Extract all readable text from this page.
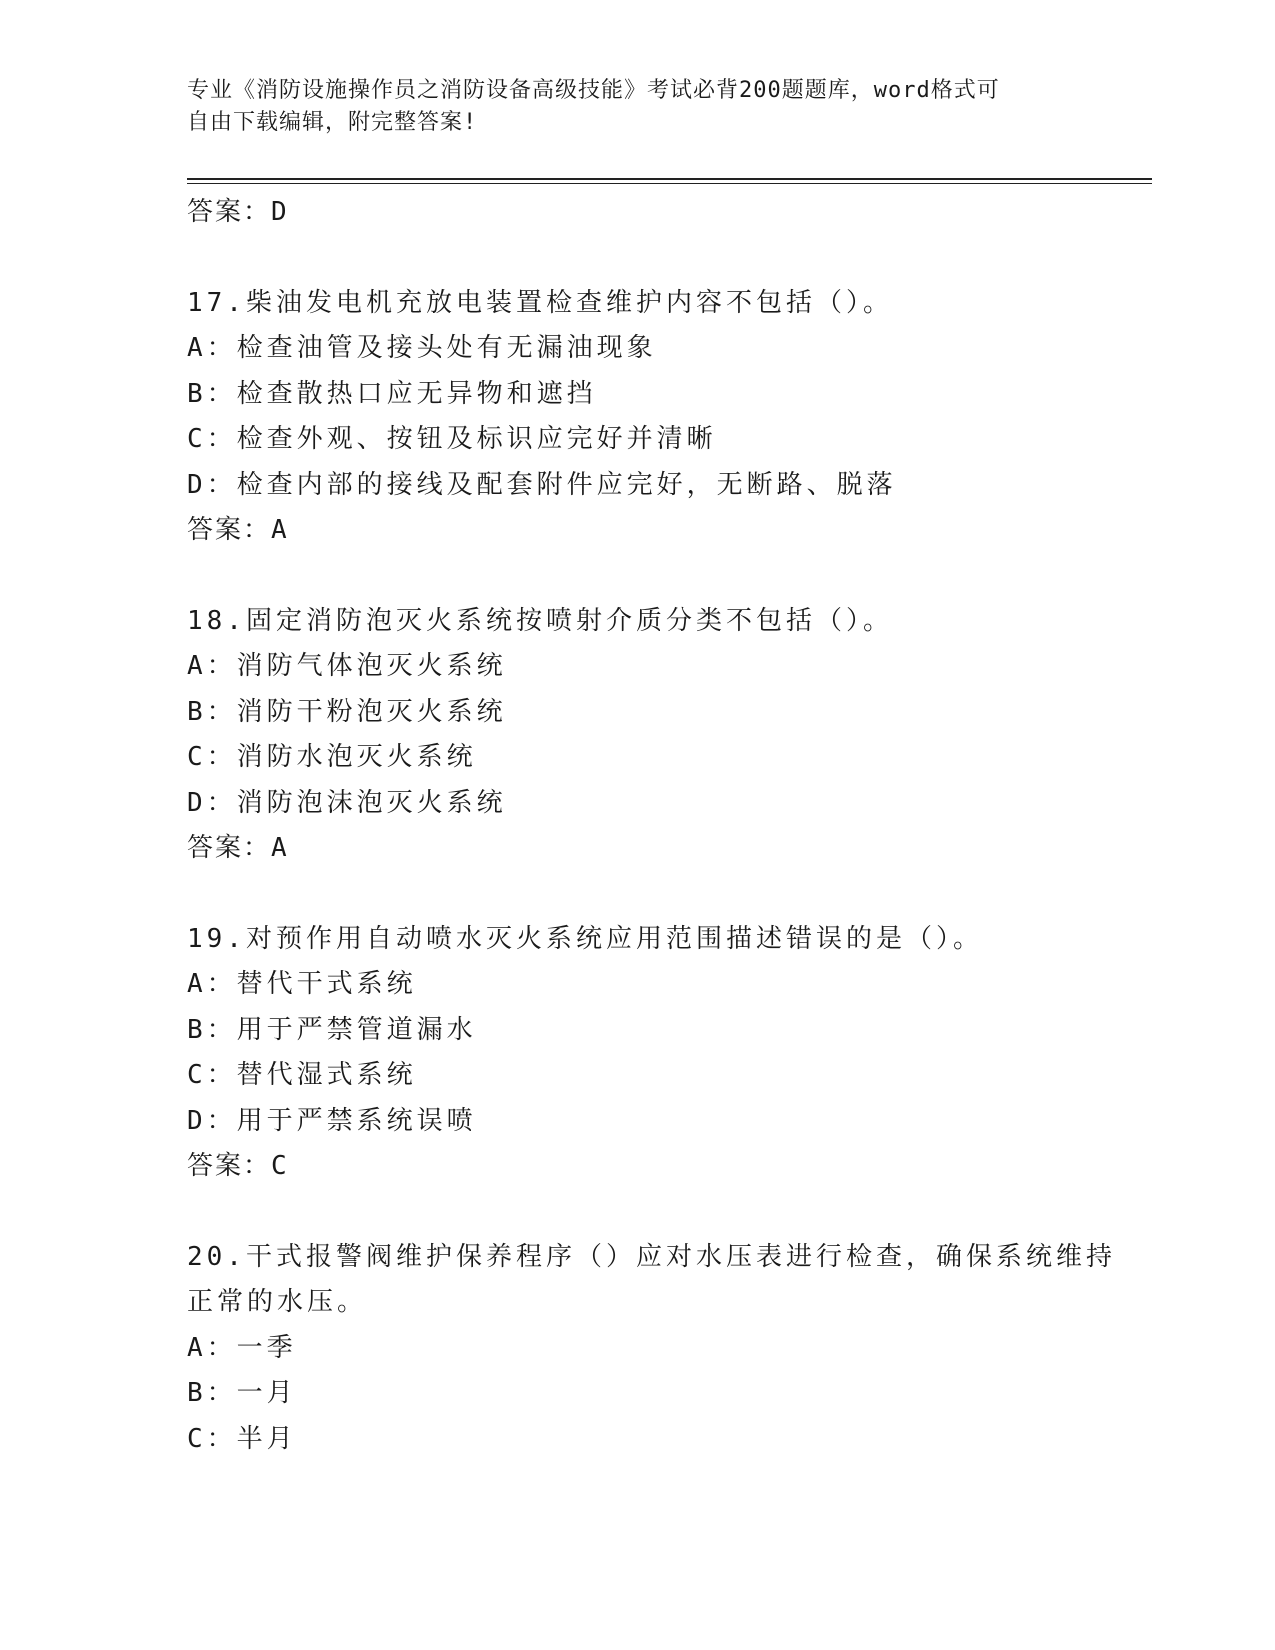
专业《消防设施操作员之消防设备高级技能》考试必背200题题库，word格式可
自由下载编辑，附完整答案!
答案：D
17.柴油发电机充放电装置检查维护内容不包括（）。
A：检查油管及接头处有无漏油现象
B：检查散热口应无异物和遮挡
C：检查外观、按钮及标识应完好并清晰
D：检查内部的接线及配套附件应完好，无断路、脱落
答案：A
18.固定消防泡灭火系统按喷射介质分类不包括（）。
A：消防气体泡灭火系统
B：消防干粉泡灭火系统
C：消防水泡灭火系统
D：消防泡沫泡灭火系统
答案：A
19.对预作用自动喷水灭火系统应用范围描述错误的是（）。
A：替代干式系统
B：用于严禁管道漏水
C：替代湿式系统
D：用于严禁系统误喷
答案：C
20.干式报警阀维护保养程序（）应对水压表进行检查，确保系统维持
正常的水压。
A：一季
B：一月
C：半月
